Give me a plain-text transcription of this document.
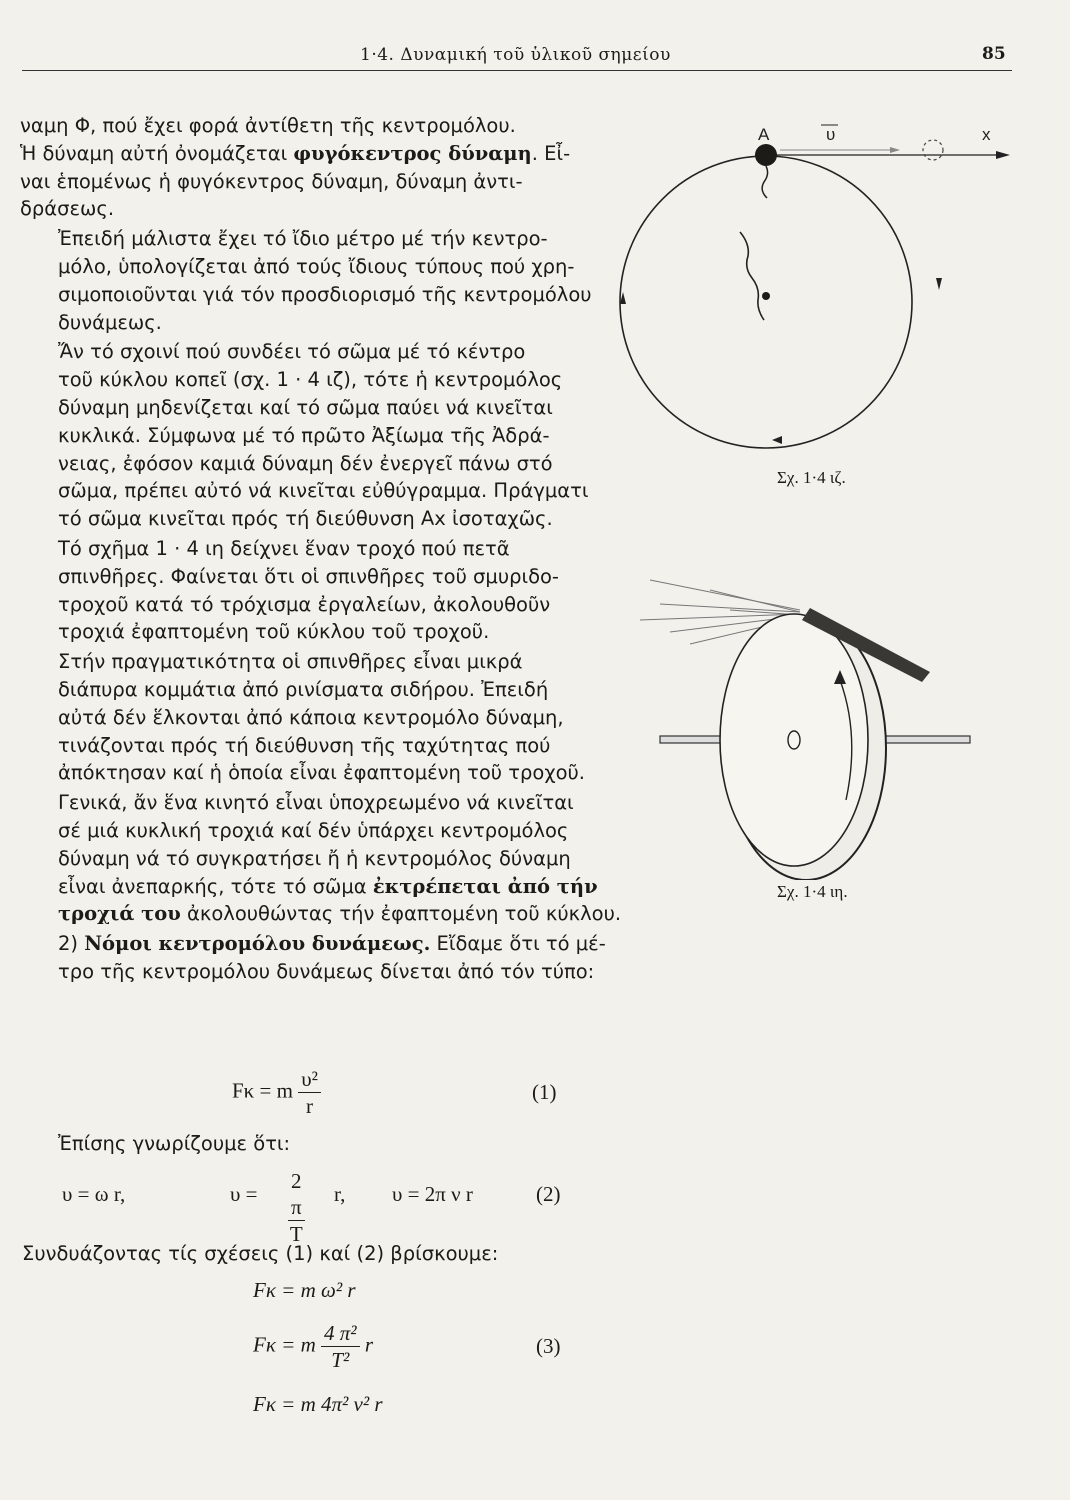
1·4. Δυναμική τοῦ ὑλικοῦ σημείου	85

ναμη Φ, πού ἔχει φορά ἀντίθετη τῆς κεντρομόλου.
Ἡ δύναμη αὐτή ὀνομάζεται φυγόκεντρος δύναμη. Εἶ-
ναι ἑπομένως ἡ φυγόκεντρος δύναμη, δύναμη ἀντι-
δράσεως.

Ἐπειδή μάλιστα ἔχει τό ἴδιο μέτρο μέ τήν κεντρο-
μόλο, ὑπολογίζεται ἀπό τούς ἴδιους τύπους πού χρη-
σιμοποιοῦνται γιά τόν προσδιορισμό τῆς κεντρομόλου
δυνάμεως.

Ἄν τό σχοινί πού συνδέει τό σῶμα μέ τό κέντρο
τοῦ κύκλου κοπεῖ (σχ. 1 · 4 ιζ), τότε ἡ κεντρομόλος
δύναμη μηδενίζεται καί τό σῶμα παύει νά κινεῖται
κυκλικά. Σύμφωνα μέ τό πρῶτο Ἀξίωμα τῆς Ἀδρά-
νειας, ἐφόσον καμιά δύναμη δέν ἐνεργεῖ πάνω στό
σῶμα, πρέπει αὐτό νά κινεῖται εὐθύγραμμα. Πράγματι
τό σῶμα κινεῖται πρός τή διεύθυνση Αx ἰσοταχῶς.

Τό σχῆμα 1 · 4 ιη δείχνει ἕναν τροχό πού πετᾶ
σπινθῆρες. Φαίνεται ὅτι οἱ σπινθῆρες τοῦ σμυριδο-
τροχοῦ κατά τό τρόχισμα ἐργαλείων, ἀκολουθοῦν
τροχιά ἐφαπτομένη τοῦ κύκλου τοῦ τροχοῦ.

Στήν πραγματικότητα οἱ σπινθῆρες εἶναι μικρά
διάπυρα κομμάτια ἀπό ρινίσματα σιδήρου. Ἐπειδή
αὐτά δέν ἕλκονται ἀπό κάποια κεντρομόλο δύναμη,
τινάζονται πρός τή διεύθυνση τῆς ταχύτητας πού
ἀπόκτησαν καί ἡ ὁποία εἶναι ἐφαπτομένη τοῦ τροχοῦ.

Γενικά, ἄν ἕνα κινητό εἶναι ὑποχρεωμένο νά κινεῖται
σέ μιά κυκλική τροχιά καί δέν ὑπάρχει κεντρομόλος
δύναμη νά τό συγκρατήσει ἤ ἡ κεντρομόλος δύναμη
εἶναι ἀνεπαρκής, τότε τό σῶμα ἐκτρέπεται ἀπό τήν
τροχιά του ἀκολουθώντας τήν ἐφαπτομένη τοῦ κύκλου.

2) Νόμοι κεντρομόλου δυνάμεως. Εἴδαμε ὅτι τό μέ-
τρο τῆς κεντρομόλου δυνάμεως δίνεται ἀπό τόν τύπο:

Fκ = m $\frac{\text{υ²}}{r}$	(1)
Ἐπίσης γνωρίζουμε ὅτι:
υ = ω r,	$\upsilon = \frac{2 \pi}{T} r$, υ = 2π ν r	(2)
Συνδυάζοντας τίς σχέσεις (1) καί (2) βρίσκουμε:
Fκ = m ω² r
Fκ = m $\frac{\text{4 π²}}{\text{T²}}$ r	(3)
Fκ = m 4π² ν² r
A	υ	x
Σχ. 1·4 ιζ.
Σχ. 1·4 ιη.
